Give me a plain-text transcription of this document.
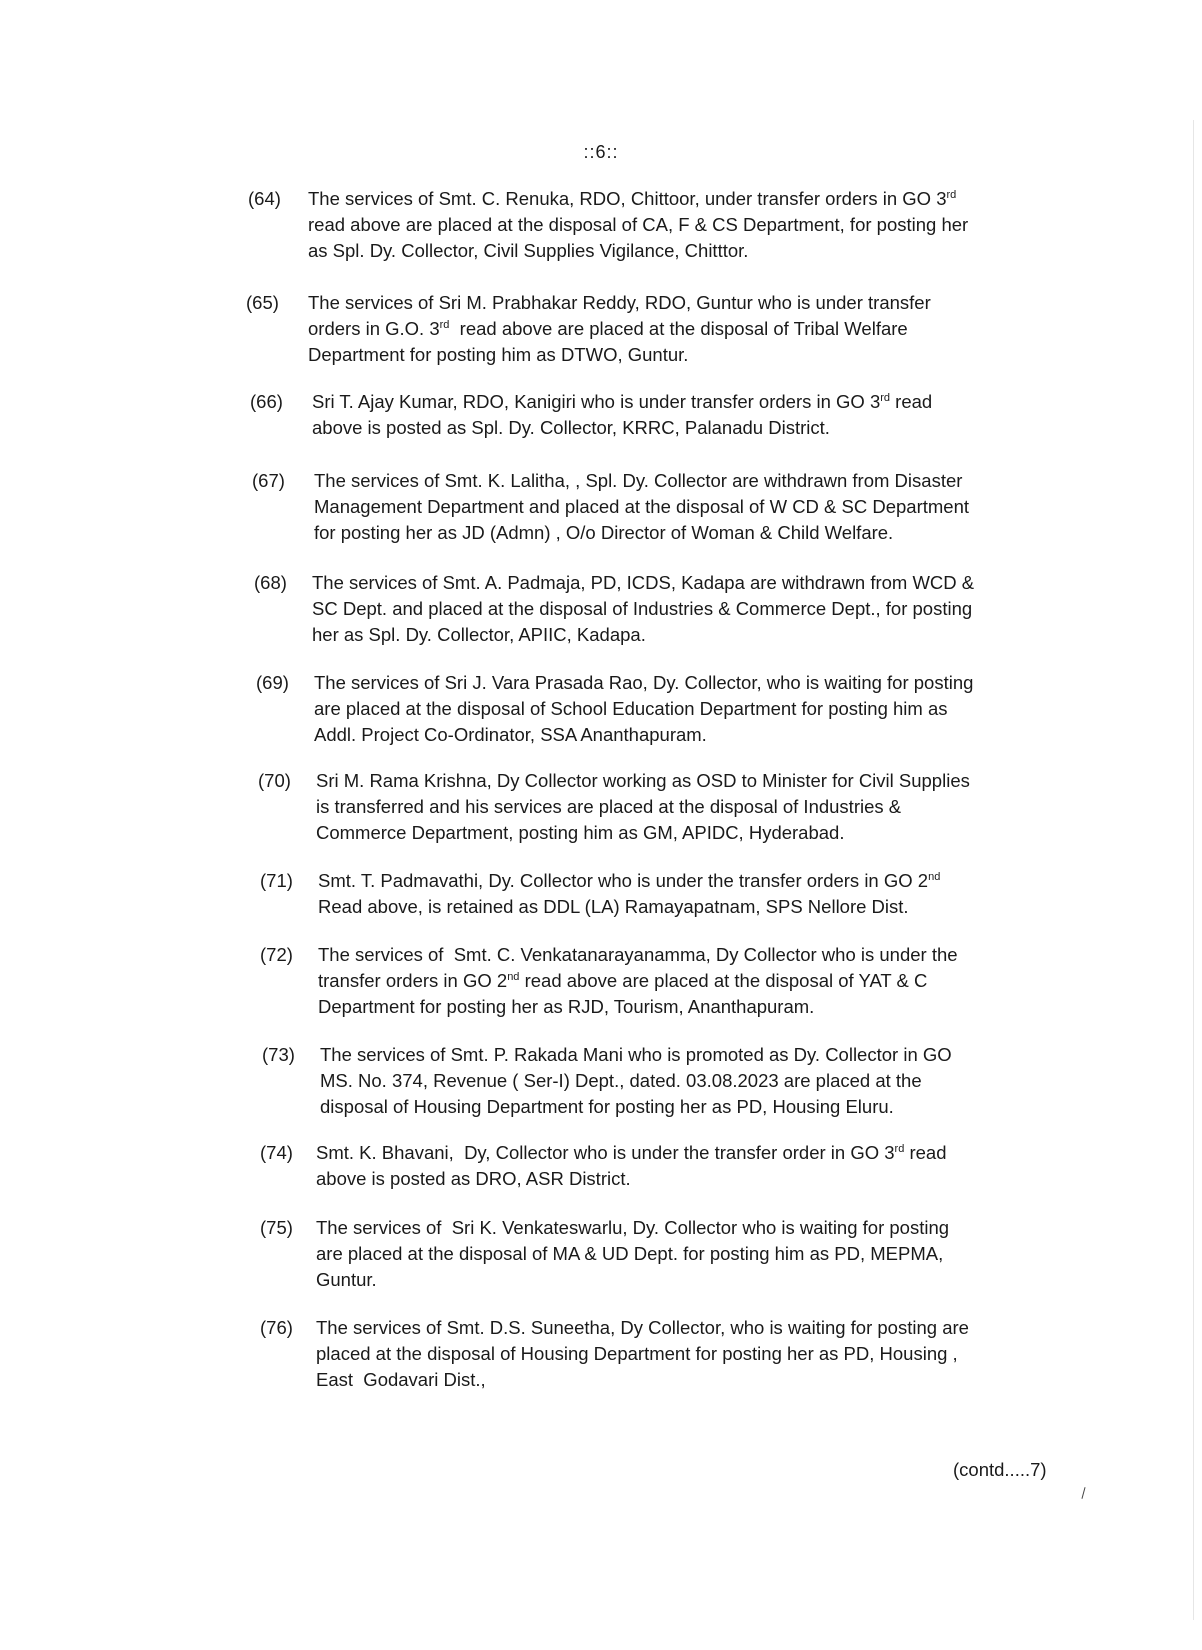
::6::
(64)	The services of Smt. C. Renuka, RDO, Chittoor, under transfer orders in GO 3rd
read above are placed at the disposal of CA, F & CS Department, for posting her
as Spl. Dy. Collector, Civil Supplies Vigilance, Chitttor.
(65)	The services of Sri M. Prabhakar Reddy, RDO, Guntur who is under transfer
orders in G.O. 3rd  read above are placed at the disposal of Tribal Welfare
Department for posting him as DTWO, Guntur.
(66)	Sri T. Ajay Kumar, RDO, Kanigiri who is under transfer orders in GO 3rd read
above is posted as Spl. Dy. Collector, KRRC, Palanadu District.
(67)	The services of Smt. K. Lalitha, , Spl. Dy. Collector are withdrawn from Disaster
Management Department and placed at the disposal of W CD & SC Department
for posting her as JD (Admn) , O/o Director of Woman & Child Welfare.
(68)	The services of Smt. A. Padmaja, PD, ICDS, Kadapa are withdrawn from WCD &
SC Dept. and placed at the disposal of Industries & Commerce Dept., for posting
her as Spl. Dy. Collector, APIIC, Kadapa.
(69)	The services of Sri J. Vara Prasada Rao, Dy. Collector, who is waiting for posting
are placed at the disposal of School Education Department for posting him as
Addl. Project Co-Ordinator, SSA Ananthapuram.
(70)	Sri M. Rama Krishna, Dy Collector working as OSD to Minister for Civil Supplies
is transferred and his services are placed at the disposal of Industries &
Commerce Department, posting him as GM, APIDC, Hyderabad.
(71)	Smt. T. Padmavathi, Dy. Collector who is under the transfer orders in GO 2nd
Read above, is retained as DDL (LA) Ramayapatnam, SPS Nellore Dist.
(72)	The services of  Smt. C. Venkatanarayanamma, Dy Collector who is under the
transfer orders in GO 2nd read above are placed at the disposal of YAT & C
Department for posting her as RJD, Tourism, Ananthapuram.
(73)	The services of Smt. P. Rakada Mani who is promoted as Dy. Collector in GO
MS. No. 374, Revenue ( Ser-I) Dept., dated. 03.08.2023 are placed at the
disposal of Housing Department for posting her as PD, Housing Eluru.
(74)	Smt. K. Bhavani,  Dy, Collector who is under the transfer order in GO 3rd read
above is posted as DRO, ASR District.
(75)	The services of  Sri K. Venkateswarlu, Dy. Collector who is waiting for posting
are placed at the disposal of MA & UD Dept. for posting him as PD, MEPMA,
Guntur.
(76)	The services of Smt. D.S. Suneetha, Dy Collector, who is waiting for posting are
placed at the disposal of Housing Department for posting her as PD, Housing ,
East  Godavari Dist.,
(contd.....7)
